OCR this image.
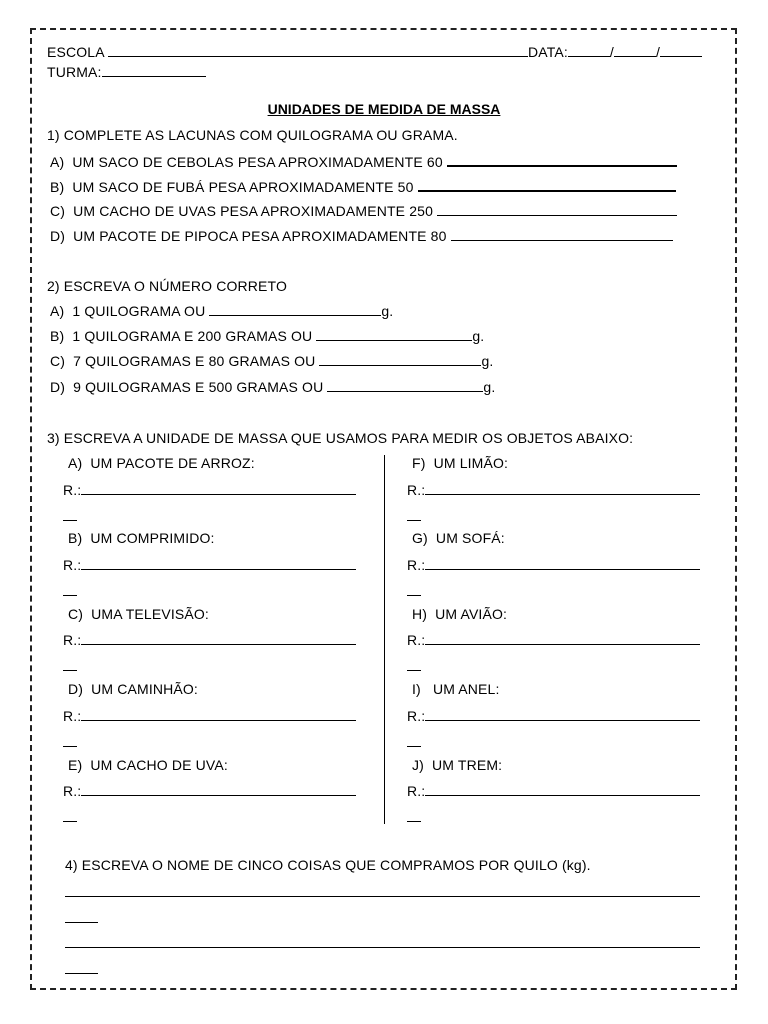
ESCOLA	DATA:	/	/
TURMA:
UNIDADES DE MEDIDA DE MASSA
1) COMPLETE AS LACUNAS COM QUILOGRAMA OU GRAMA.
A)  UM SACO DE CEBOLAS PESA APROXIMADAMENTE 60
B)  UM SACO DE FUBÁ PESA APROXIMADAMENTE 50
C)  UM CACHO DE UVAS PESA APROXIMADAMENTE 250
D)  UM PACOTE DE PIPOCA PESA APROXIMADAMENTE 80
2) ESCREVA O NÚMERO CORRETO
A)  1 QUILOGRAMA OU	g.
B)  1 QUILOGRAMA E 200 GRAMAS OU	g.
C)  7 QUILOGRAMAS E 80 GRAMAS OU	g.
D)  9 QUILOGRAMAS E 500 GRAMAS OU	g.
3) ESCREVA A UNIDADE DE MASSA QUE USAMOS PARA MEDIR OS OBJETOS ABAIXO:
A)  UM PACOTE DE ARROZ:
R.:
B)  UM COMPRIMIDO:
R.:
C)  UMA TELEVISÃO:
R.:
D)  UM CAMINHÃO:
R.:
E)  UM CACHO DE UVA:
R.:
F)  UM LIMÃO:
R.:
G)  UM SOFÁ:
R.:
H)  UM AVIÃO:
R.:
I)   UM ANEL:
R.:
J)  UM TREM:
R.:
4) ESCREVA O NOME DE CINCO COISAS QUE COMPRAMOS POR QUILO (kg).
